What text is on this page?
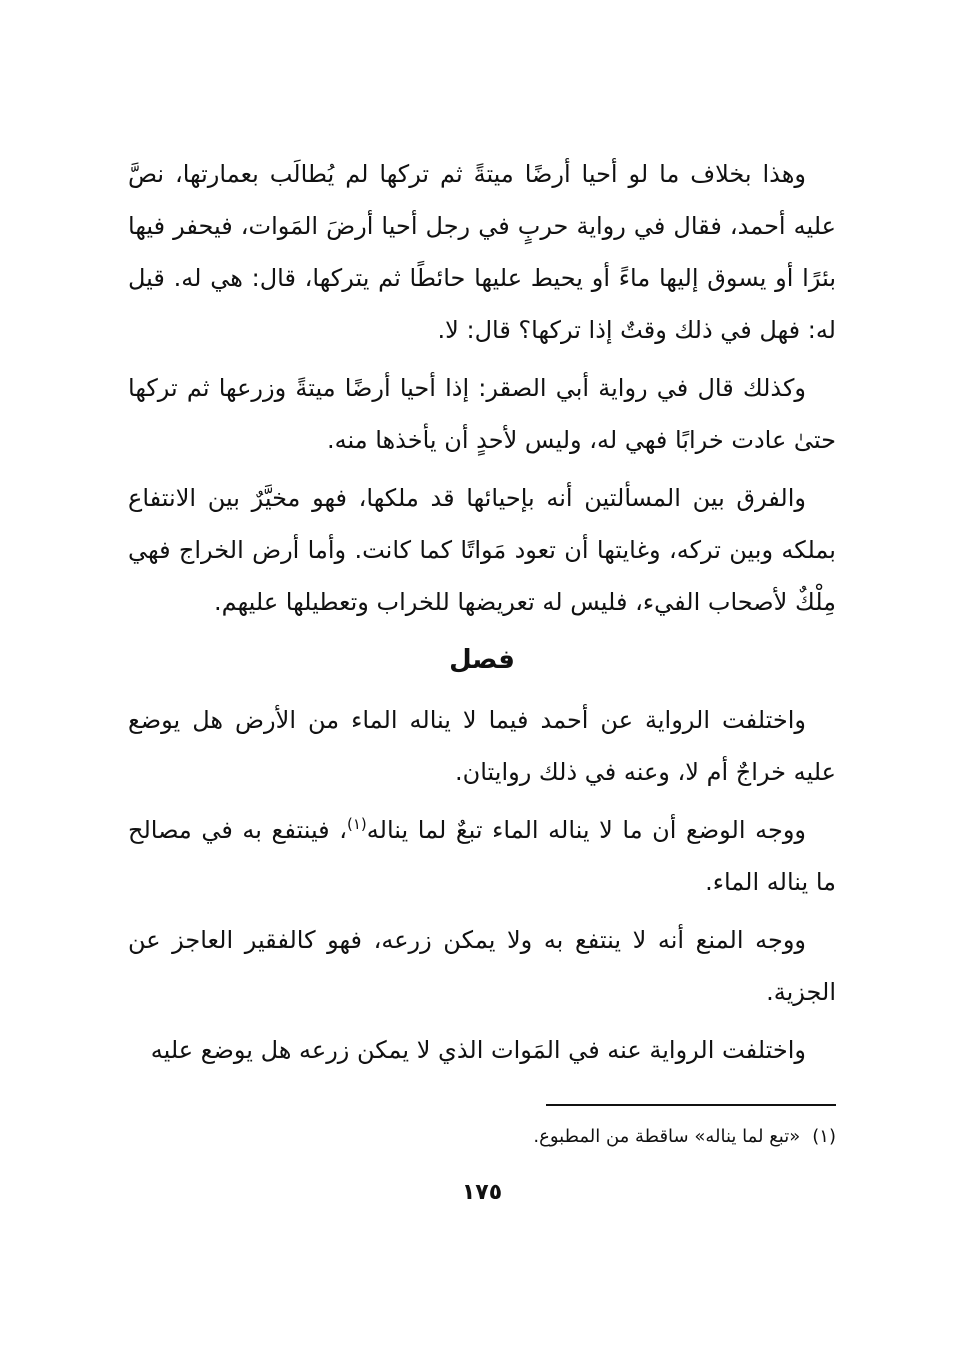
وهذا بخلاف ما لو أحيا أرضًا ميتةً ثم تركها لم يُطالَب بعمارتها، نصَّ عليه أحمد، فقال في رواية حربٍ في رجل أحيا أرضَ المَوات، فيحفر فيها بئرًا أو يسوق إليها ماءً أو يحيط عليها حائطًا ثم يتركها، قال: هي له. قيل له: فهل في ذلك وقتٌ إذا تركها؟ قال: لا.

وكذلك قال في رواية أبي الصقر: إذا أحيا أرضًا ميتةً وزرعها ثم تركها حتىٰ عادت خرابًا فهي له، وليس لأحدٍ أن يأخذها منه.

والفرق بين المسألتين أنه بإحيائها قد ملكها، فهو مخيَّرٌ بين الانتفاع بملكه وبين تركه، وغايتها أن تعود مَواتًا كما كانت. وأما أرض الخراج فهي مِلْكٌ لأصحاب الفيء، فليس له تعريضها للخراب وتعطيلها عليهم.

فصل

واختلفت الرواية عن أحمد فيما لا يناله الماء من الأرض هل يوضع عليه خراجٌ أم لا، وعنه في ذلك روايتان.

ووجه الوضع أن ما لا يناله الماء تبعٌ لما يناله$^{(١)}$، فينتفع به في مصالح ما يناله الماء.

ووجه المنع أنه لا ينتفع به ولا يمكن زرعه، فهو كالفقير العاجز عن الجزية.

واختلفت الرواية عنه في المَوات الذي لا يمكن زرعه هل يوضع عليه

(١)«تبع لما يناله» ساقطة من المطبوع.
١٧٥
